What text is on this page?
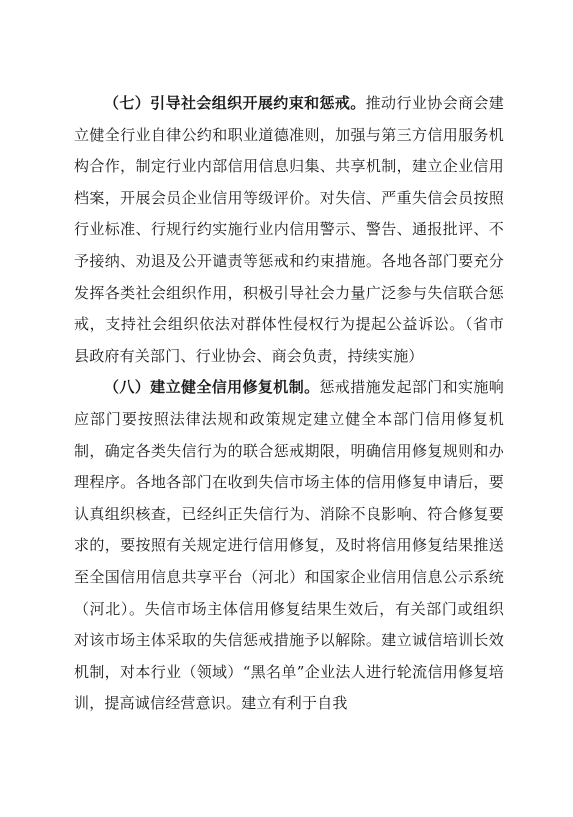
（七）引导社会组织开展约束和惩戒。推动行业协会商会建立健全行业自律公约和职业道德准则，加强与第三方信用服务机构合作，制定行业内部信用信息归集、共享机制，建立企业信用档案，开展会员企业信用等级评价。对失信、严重失信会员按照行业标准、行规行约实施行业内信用警示、警告、通报批评、不予接纳、劝退及公开谴责等惩戒和约束措施。各地各部门要充分发挥各类社会组织作用，积极引导社会力量广泛参与失信联合惩戒，支持社会组织依法对群体性侵权行为提起公益诉讼。（省市县政府有关部门、行业协会、商会负责，持续实施）

（八）建立健全信用修复机制。惩戒措施发起部门和实施响应部门要按照法律法规和政策规定建立健全本部门信用修复机制，确定各类失信行为的联合惩戒期限，明确信用修复规则和办理程序。各地各部门在收到失信市场主体的信用修复申请后，要认真组织核查，已经纠正失信行为、消除不良影响、符合修复要求的，要按照有关规定进行信用修复，及时将信用修复结果推送至全国信用信息共享平台（河北）和国家企业信用信息公示系统（河北）。失信市场主体信用修复结果生效后，有关部门或组织对该市场主体采取的失信惩戒措施予以解除。建立诚信培训长效机制，对本行业（领域）“黑名单”企业法人进行轮流信用修复培训，提高诚信经营意识。建立有利于自我
